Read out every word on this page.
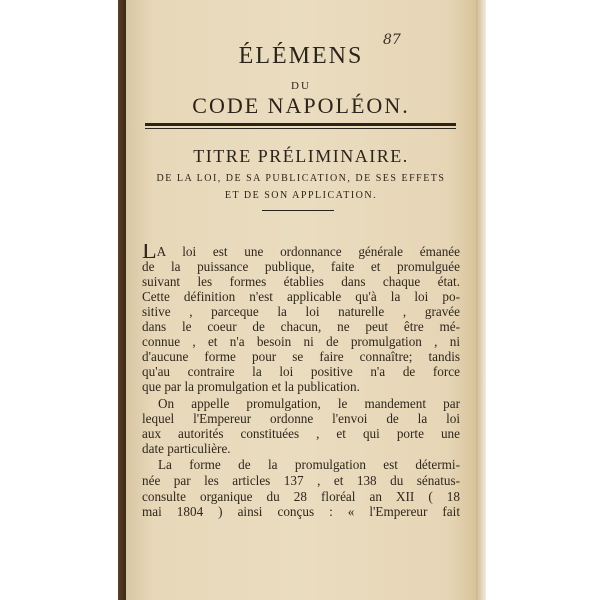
87
ÉLÉMENS
DU
CODE NAPOLÉON.
TITRE PRÉLIMINAIRE.
DE LA LOI, DE SA PUBLICATION, DE SES EFFETS
ET DE SON APPLICATION.
LA loi est une ordonnance générale émanée
de la puissance publique, faite et promulguée
suivant les formes établies dans chaque état.
Cette définition n'est applicable qu'à la loi po-
sitive , parceque la loi naturelle , gravée
dans le coeur de chacun, ne peut être mé-
connue , et n'a besoin ni de promulgation , ni
d'aucune forme pour se faire connaître; tandis
qu'au contraire la loi positive n'a de force
que par la promulgation et la publication.
On appelle promulgation, le mandement par
lequel l'Empereur ordonne l'envoi de la loi
aux autorités constituées , et qui porte une
date particulière.
La forme de la promulgation est détermi-
née par les articles 137 , et 138 du sénatus-
consulte organique du 28 floréal an XII ( 18
mai 1804 ) ainsi conçus : « l'Empereur fait
